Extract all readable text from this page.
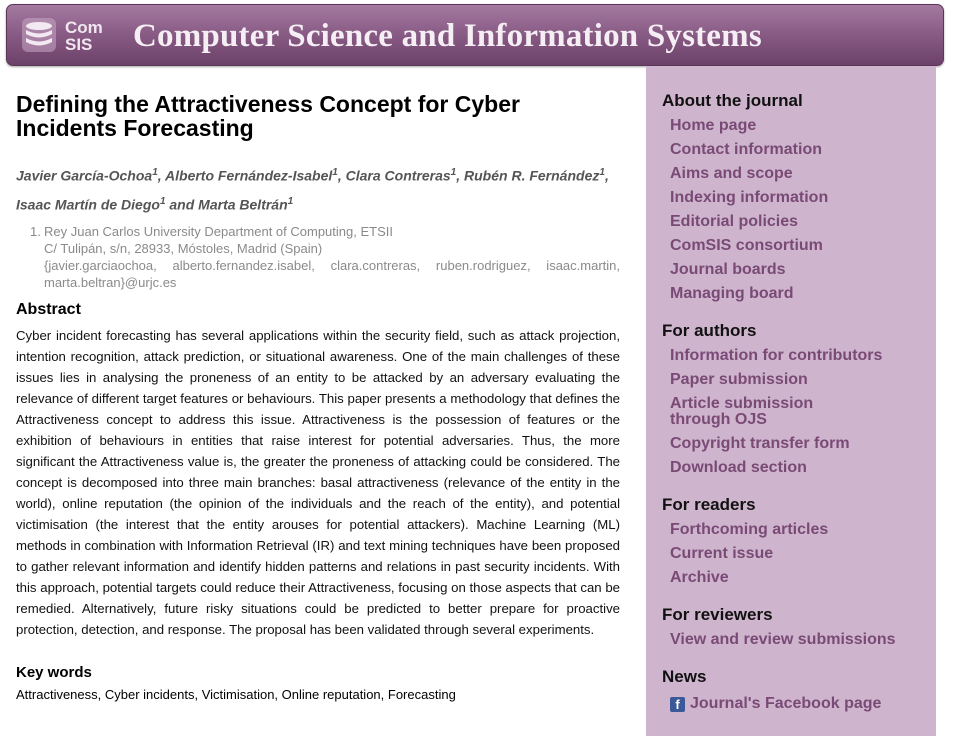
Com
SIS	Computer Science and Information Systems
Defining the Attractiveness Concept for Cyber Incidents Forecasting
Javier García-Ochoa$^1$, Alberto Fernández-Isabel$^1$, Clara Contreras$^1$, Rubén R. Fernández$^1$,
Isaac Martín de Diego$^1$ and Marta Beltrán$^1$
1. Rey Juan Carlos University Department of Computing, ETSII
C/ Tulipán, s/n, 28933, Móstoles, Madrid (Spain)
{javier.garciaochoa, alberto.fernandez.isabel, clara.contreras, ruben.rodriguez, isaac.martin, marta.beltran}@urjc.es
Abstract
Cyber incident forecasting has several applications within the security field, such as attack projection, intention recognition, attack prediction, or situational awareness. One of the main challenges of these issues lies in analysing the proneness of an entity to be attacked by an adversary evaluating the relevance of different target features or behaviours. This paper presents a methodology that defines the Attractiveness concept to address this issue. Attractiveness is the possession of features or the exhibition of behaviours in entities that raise interest for potential adversaries. Thus, the more significant the Attractiveness value is, the greater the proneness of attacking could be considered. The concept is decomposed into three main branches: basal attractiveness (relevance of the entity in the world), online reputation (the opinion of the individuals and the reach of the entity), and potential victimisation (the interest that the entity arouses for potential attackers). Machine Learning (ML) methods in combination with Information Retrieval (IR) and text mining techniques have been proposed to gather relevant information and identify hidden patterns and relations in past security incidents. With this approach, potential targets could reduce their Attractiveness, focusing on those aspects that can be remedied. Alternatively, future risky situations could be predicted to better prepare for proactive protection, detection, and response. The proposal has been validated through several experiments.
Key words
Attractiveness, Cyber incidents, Victimisation, Online reputation, Forecasting
About the journal
Home page
Contact information
Aims and scope
Indexing information
Editorial policies
ComSIS consortium
Journal boards
Managing board
For authors
Information for contributors
Paper submission
Article submission through OJS
Copyright transfer form
Download section
For readers
Forthcoming articles
Current issue
Archive
For reviewers
View and review submissions
News
f Journal's Facebook page
